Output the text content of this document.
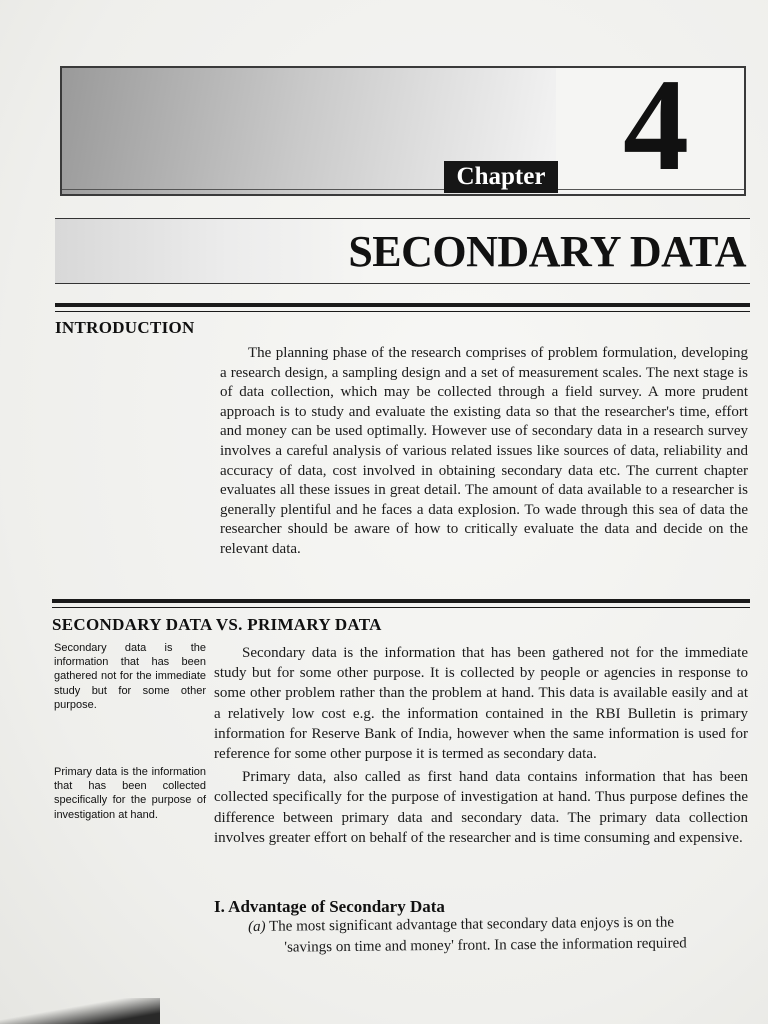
Chapter 4
SECONDARY DATA
INTRODUCTION

The planning phase of the research comprises of problem formulation, developing a research design, a sampling design and a set of measurement scales. The next stage is of data collection, which may be collected through a field survey. A more prudent approach is to study and evaluate the existing data so that the researcher's time, effort and money can be used optimally. However use of secondary data in a research survey involves a careful analysis of various related issues like sources of data, reliability and accuracy of data, cost involved in obtaining secondary data etc. The current chapter evaluates all these issues in great detail. The amount of data available to a researcher is generally plentiful and he faces a data explosion. To wade through this sea of data the researcher should be aware of how to critically evaluate the data and decide on the relevant data.

SECONDARY DATA VS. PRIMARY DATA
Secondary data is the information that has been gathered not for the immediate study but for some other purpose.
Primary data is the information that has been collected specifically for the purpose of investigation at hand.

Secondary data is the information that has been gathered not for the immediate study but for some other purpose. It is collected by people or agencies in response to some other problem rather than the problem at hand. This data is available easily and at a relatively low cost e.g. the information contained in the RBI Bulletin is primary information for Reserve Bank of India, however when the same information is used for reference for some other purpose it is termed as secondary data.

Primary data, also called as first hand data contains information that has been collected specifically for the purpose of investigation at hand. Thus purpose defines the difference between primary data and secondary data. The primary data collection involves greater effort on behalf of the researcher and is time consuming and expensive.

I. Advantage of Secondary Data
(a) The most significant advantage that secondary data enjoys is on the
'savings on time and money' front. In case the information required
